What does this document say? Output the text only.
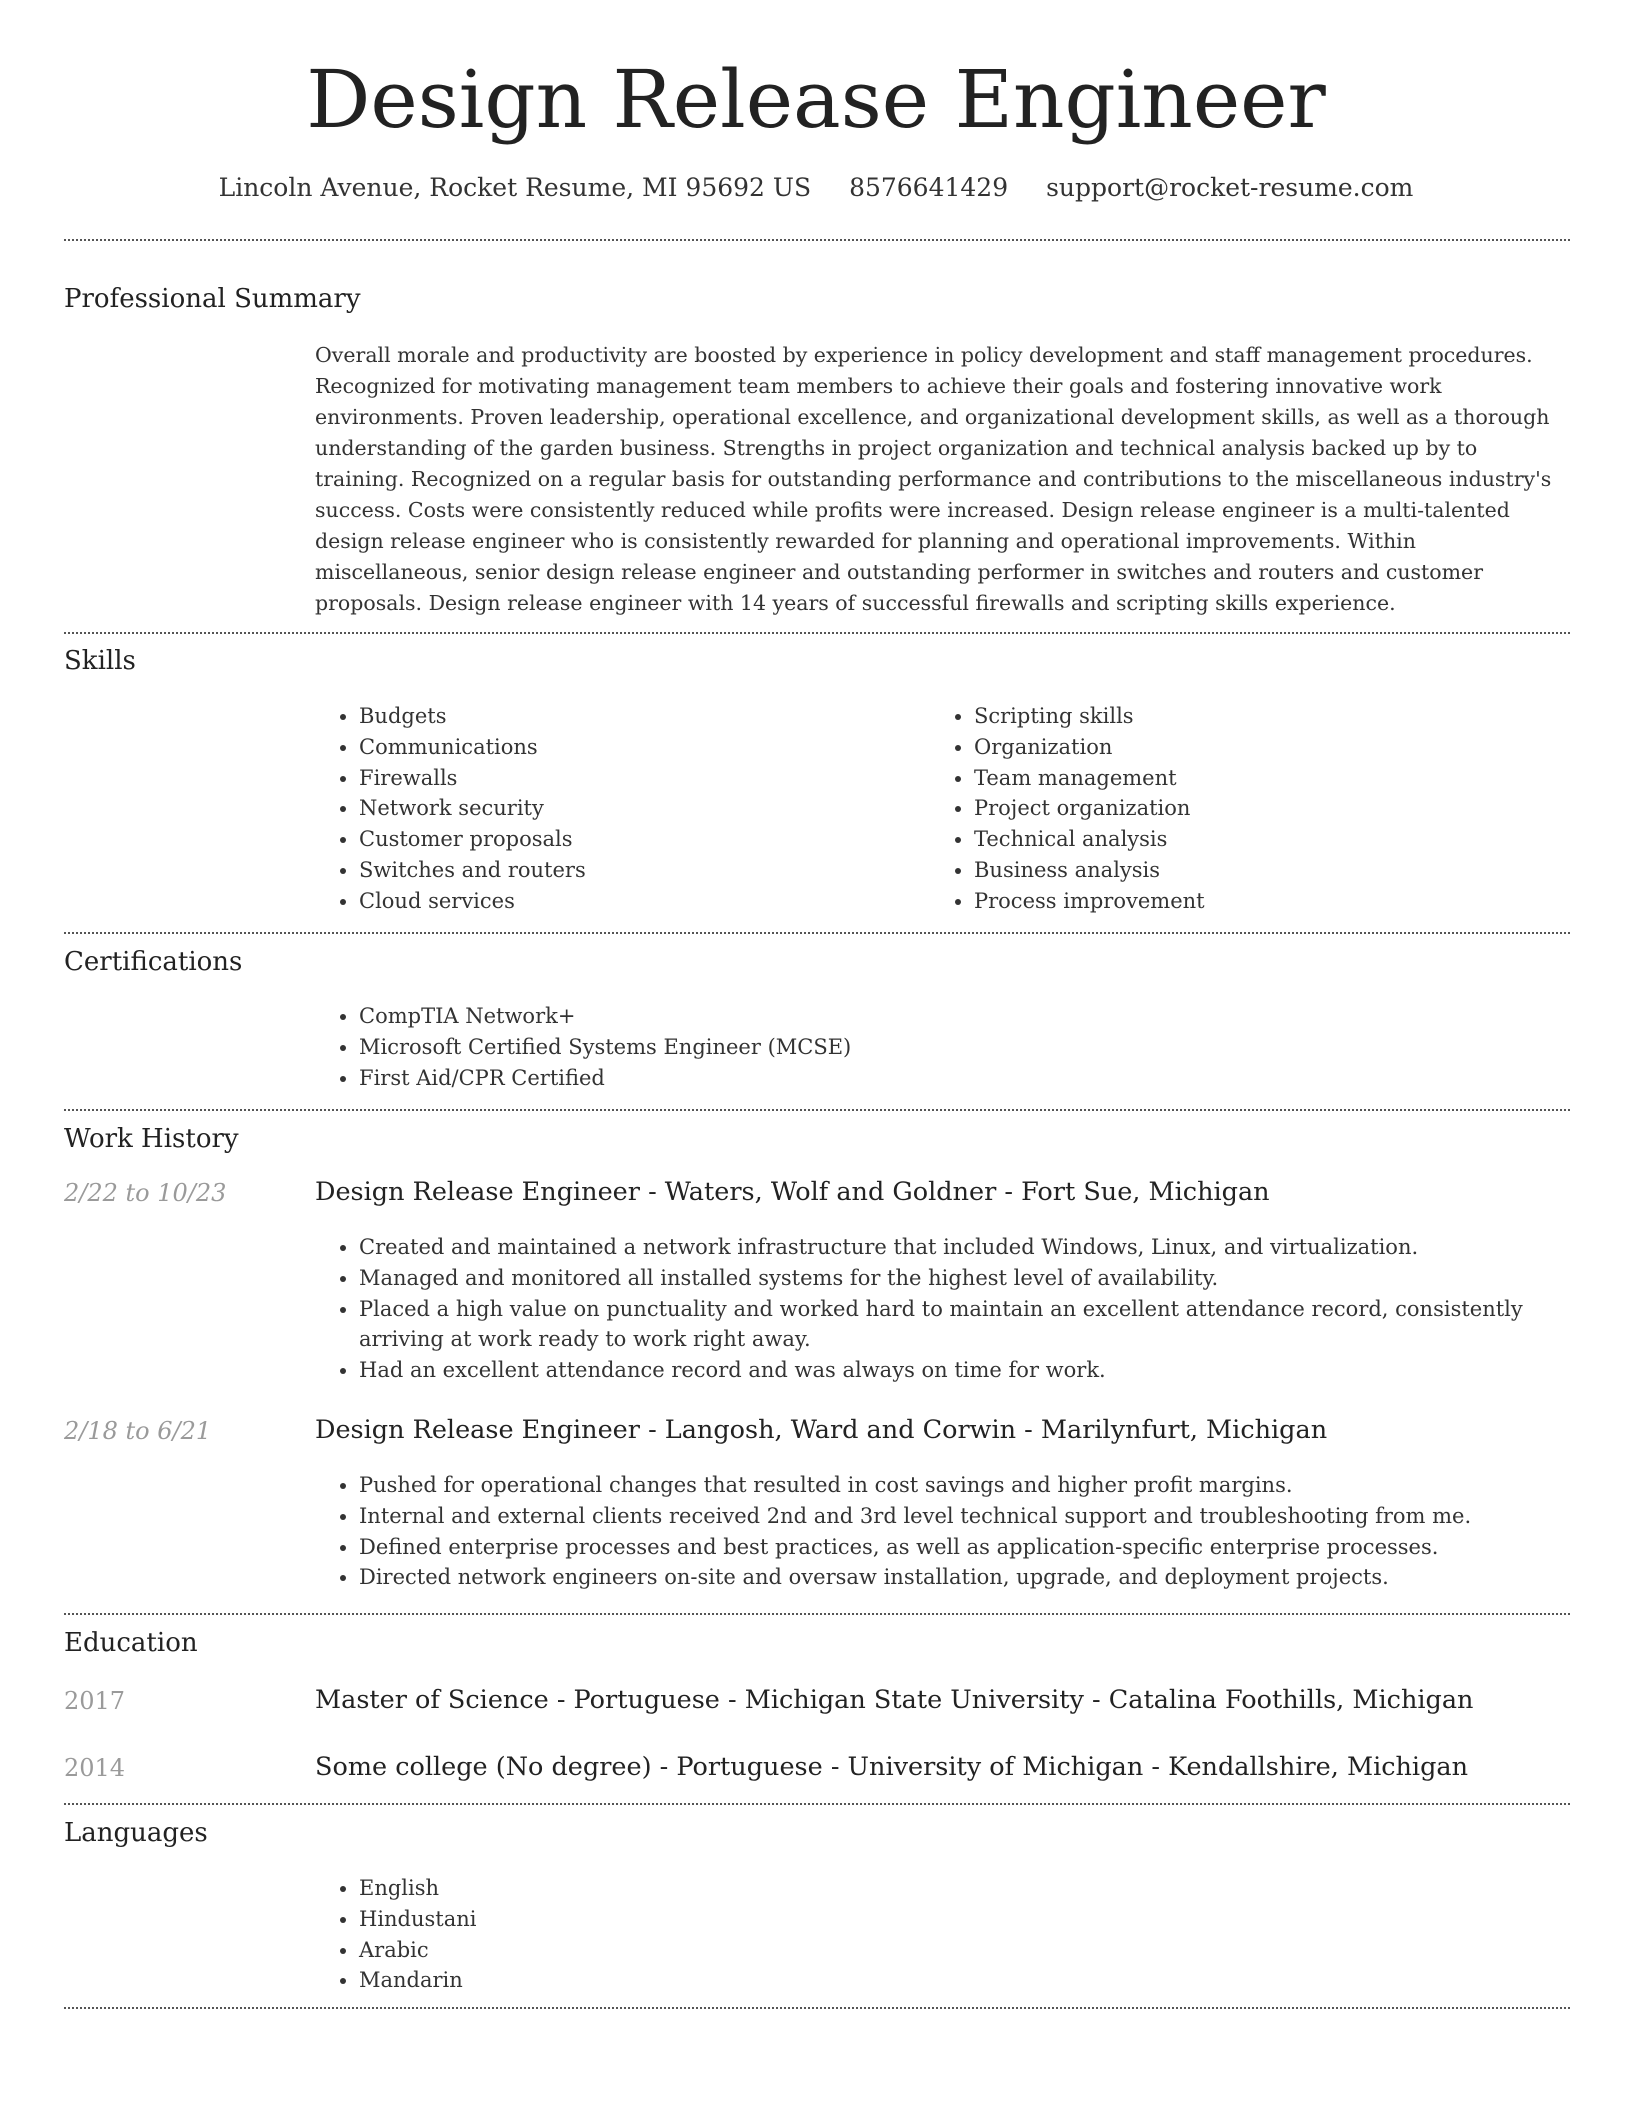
Design Release Engineer
Lincoln Avenue, Rocket Resume, MI 95692 US 8576641429 support@rocket-resume.com
Professional Summary

Overall morale and productivity are boosted by experience in policy development and staff management procedures. Recognized for motivating management team members to achieve their goals and fostering innovative work environments. Proven leadership, operational excellence, and organizational development skills, as well as a thorough understanding of the garden business. Strengths in project organization and technical analysis backed up by to training. Recognized on a regular basis for outstanding performance and contributions to the miscellaneous industry's success. Costs were consistently reduced while profits were increased. Design release engineer is a multi-talented design release engineer who is consistently rewarded for planning and operational improvements. Within miscellaneous, senior design release engineer and outstanding performer in switches and routers and customer proposals. Design release engineer with 14 years of successful firewalls and scripting skills experience.

Skills
• Budgets
• Communications
• Firewalls
• Network security
• Customer proposals
• Switches and routers
• Cloud services
• Scripting skills
• Organization
• Team management
• Project organization
• Technical analysis
• Business analysis
• Process improvement
Certifications
• CompTIA Network+
• Microsoft Certified Systems Engineer (MCSE)
• First Aid/CPR Certified
Work History
2/22 to 10/23	Design Release Engineer - Waters, Wolf and Goldner - Fort Sue, Michigan
• Created and maintained a network infrastructure that included Windows, Linux, and virtualization.
• Managed and monitored all installed systems for the highest level of availability.
• Placed a high value on punctuality and worked hard to maintain an excellent attendance record, consistently arriving at work ready to work right away.
• Had an excellent attendance record and was always on time for work.
2/18 to 6/21	Design Release Engineer - Langosh, Ward and Corwin - Marilynfurt, Michigan
• Pushed for operational changes that resulted in cost savings and higher profit margins.
• Internal and external clients received 2nd and 3rd level technical support and troubleshooting from me.
• Defined enterprise processes and best practices, as well as application-specific enterprise processes.
• Directed network engineers on-site and oversaw installation, upgrade, and deployment projects.
Education
2017	Master of Science - Portuguese - Michigan State University - Catalina Foothills, Michigan
2014	Some college (No degree) - Portuguese - University of Michigan - Kendallshire, Michigan
Languages
• English
• Hindustani
• Arabic
• Mandarin
